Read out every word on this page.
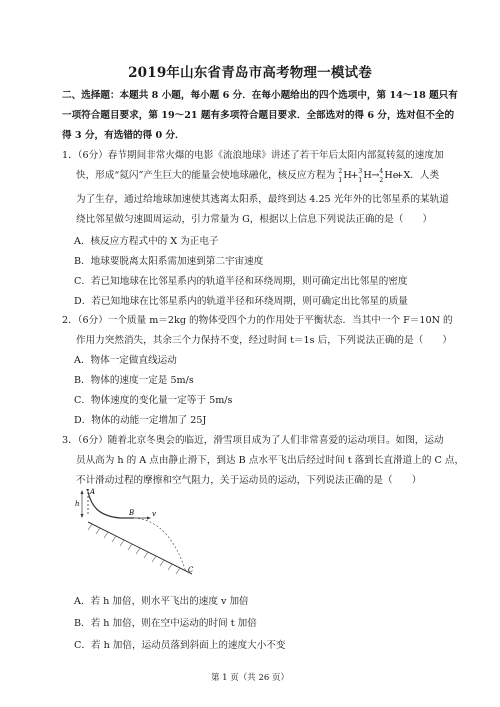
2019年山东省青岛市高考物理一模试卷
二、选择题：本题共 8 小题，每小题 6 分．在每小题给出的四个选项中，第 14～18 题只有
一项符合题目要求，第 19～21 题有多项符合题目要求．全部选对的得 6 分，选对但不全的
得 3 分，有选错的得 0 分．
1．（6分）春节期间非常火爆的电影《流浪地球》讲述了若干年后太阳内部氦转氦的速度加
快，形成“氦闪”产生巨大的能量会使地球融化，核反应方程为 2
1 H+ 3
1 H→ 4
2 He+X．人类
为了生存，通过给地球加速使其逃离太阳系，最终到达 4.25 光年外的比邻星系的某轨道
绕比邻星做匀速圆周运动，引力常量为 G，根据以上信息下列说法正确的是（　　）
A．核反应方程式中的 X 为正电子
B．地球要脱离太阳系需加速到第二宇宙速度
C．若已知地球在比邻星系内的轨道半径和环绕周期，则可确定出比邻星的密度
D．若已知地球在比邻星系内的轨道半径和环绕周期，则可确定出比邻星的质量
2．（6分）一个质量 m＝2kg 的物体受四个力的作用处于平衡状态．当其中一个 F＝10N 的
作用力突然消失，其余三个力保持不变，经过时间 t＝1s 后，下列说法正确的是（　　）
A．物体一定做直线运动
B．物体的速度一定是 5m/s
C．物体速度的变化量一定等于 5m/s
D．物体的动能一定增加了 25J
3．（6分）随着北京冬奥会的临近，滑雪项目成为了人们非常喜爱的运动项目。如图，运动
员从高为 h 的 A 点由静止滑下，到达 B 点水平飞出后经过时间 t 落到长直滑道上的 C 点，
不计滑动过程的摩擦和空气阻力，关于运动员的运动，下列说法正确的是（　　）
A
h
B	v
C
A．若 h 加倍，则水平飞出的速度 v 加倍
B．若 h 加倍，则在空中运动的时间 t 加倍
C．若 h 加倍，运动员落到斜面上的速度大小不变
第 1 页（共 26 页）
